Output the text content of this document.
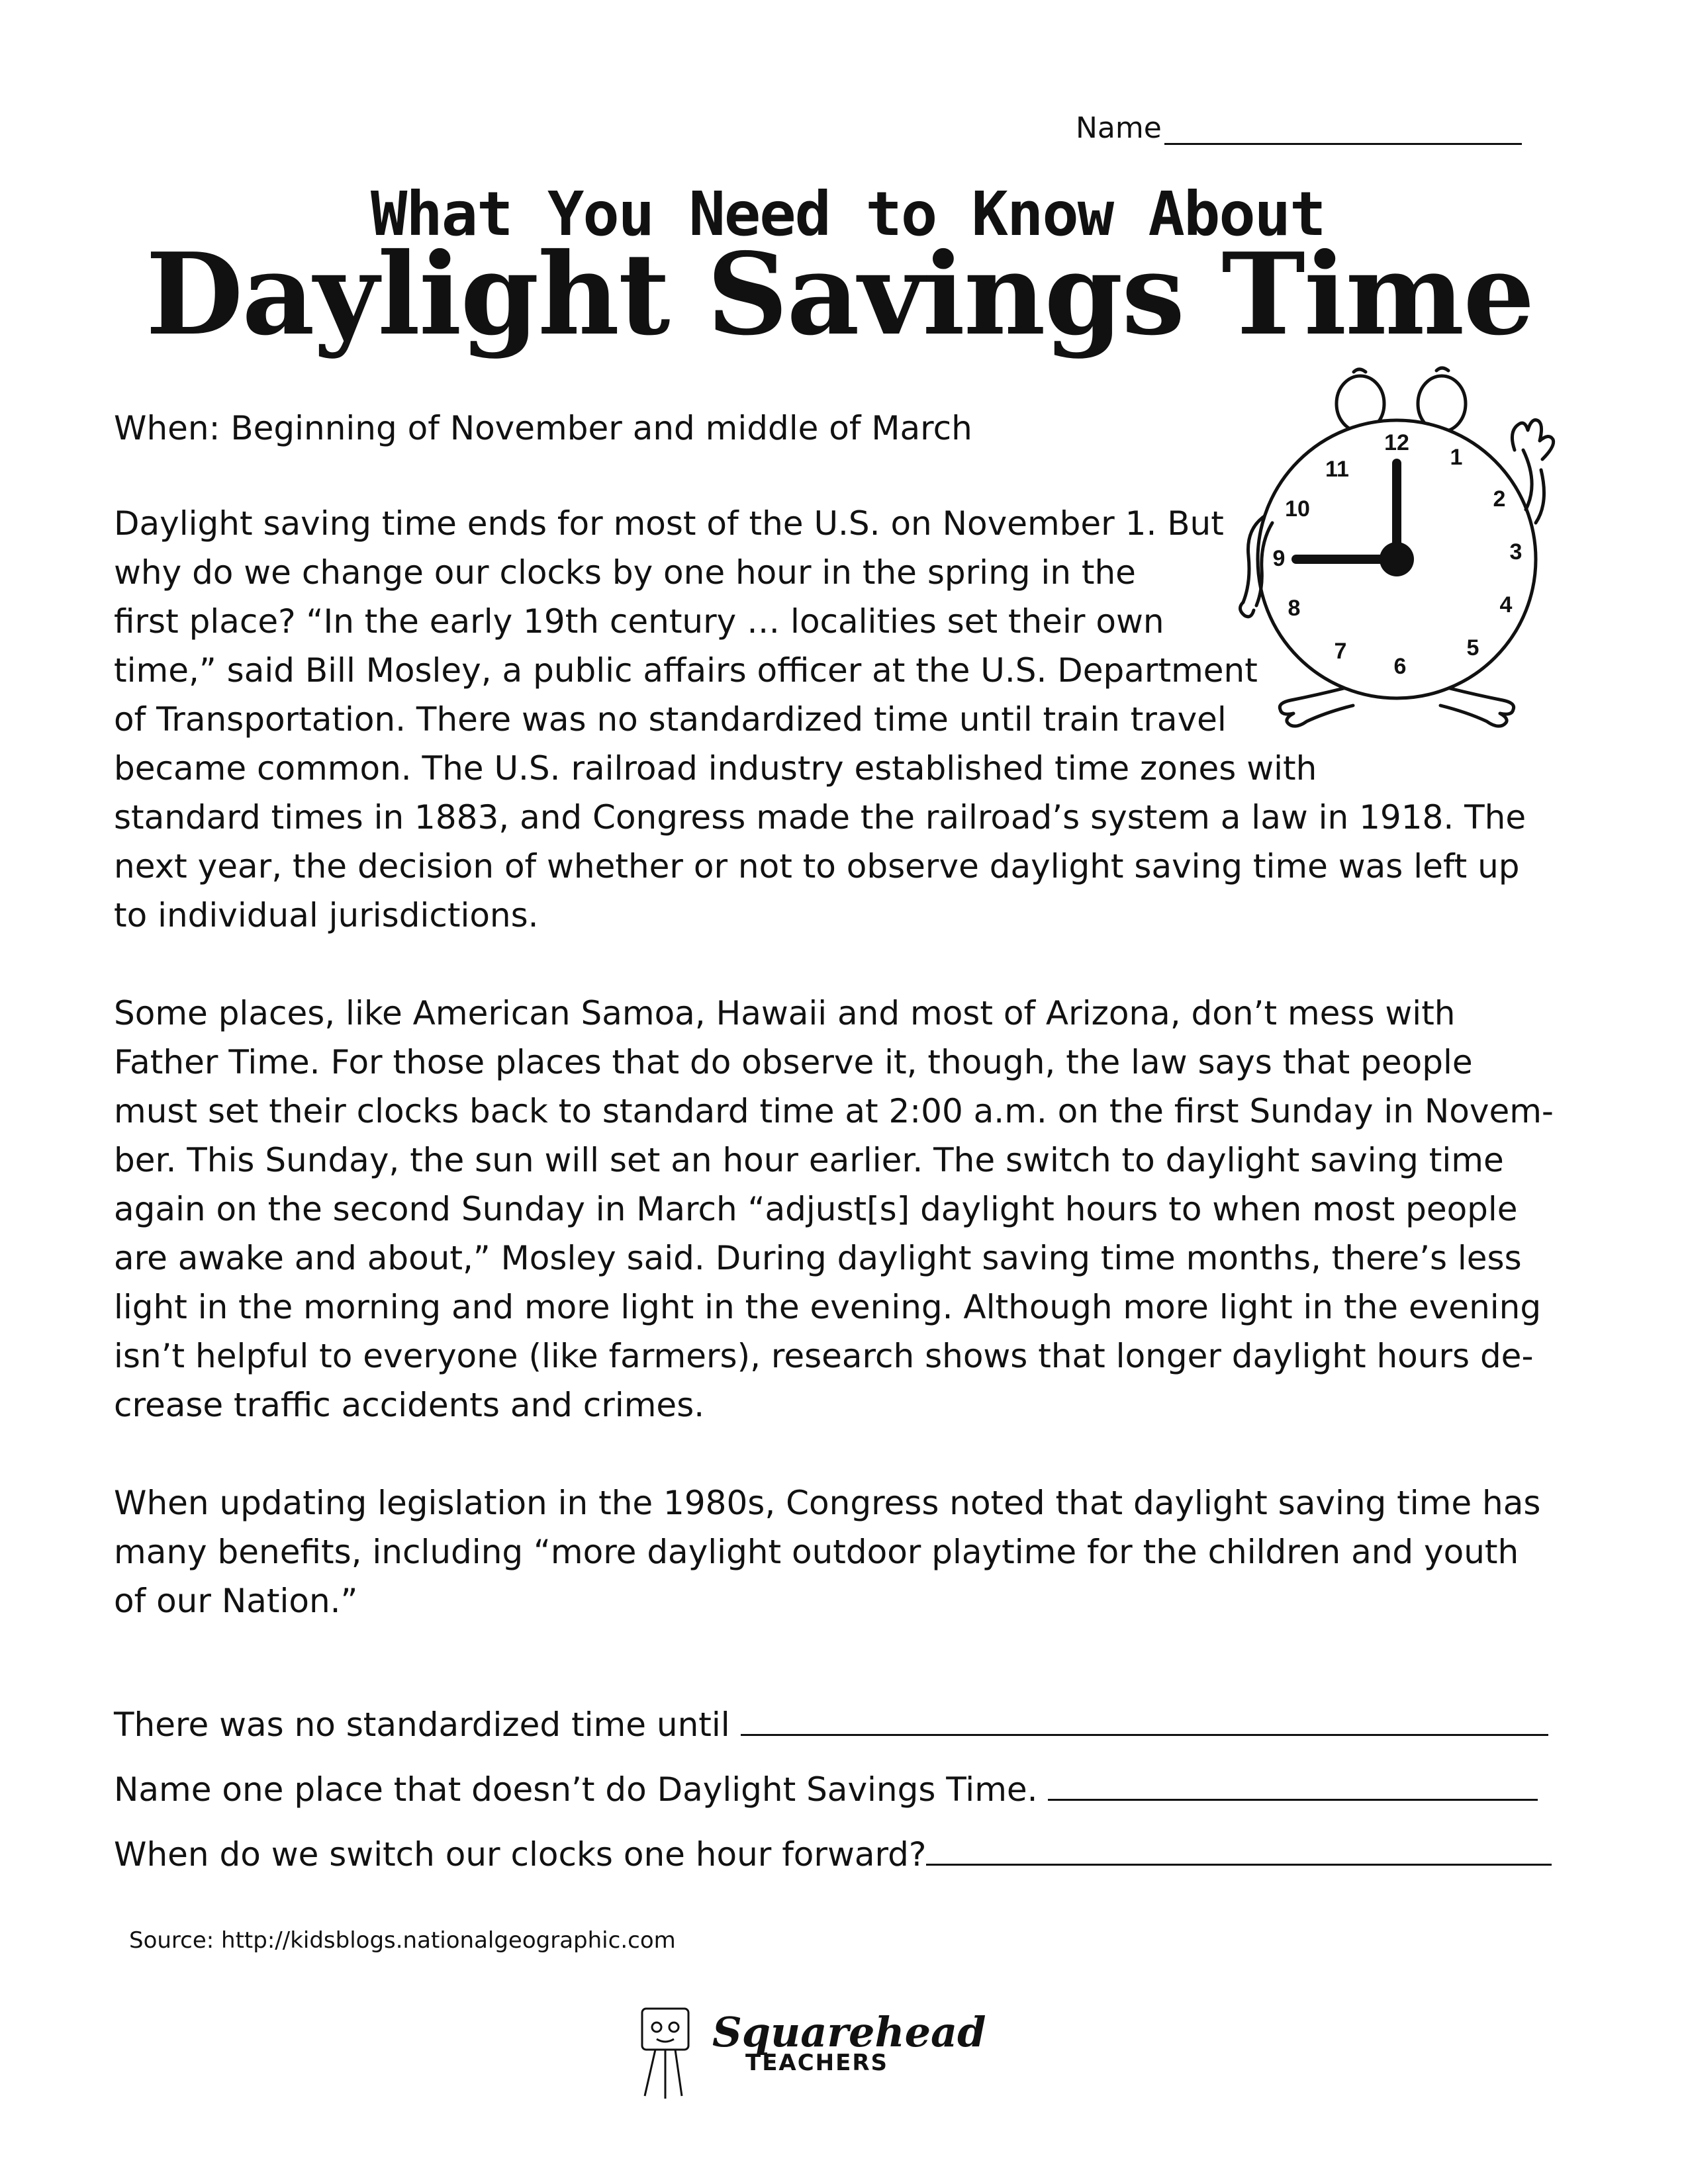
Name
What You Need to Know About
Daylight Savings Time
When: Beginning of November and middle of March	12
1
2
3
4
5
6
7
8
9
10
11
Daylight saving time ends for most of the U.S. on November 1. But
why do we change our clocks by one hour in the spring in the
first place? “In the early 19th century … localities set their own
time,” said Bill Mosley, a public affairs officer at the U.S. Department
of Transportation. There was no standardized time until train travel
became common. The U.S. railroad industry established time zones with
standard times in 1883, and Congress made the railroad’s system a law in 1918. The
next year, the decision of whether or not to observe daylight saving time was left up
to individual jurisdictions.
Some places, like American Samoa, Hawaii and most of Arizona, don’t mess with
Father Time. For those places that do observe it, though, the law says that people
must set their clocks back to standard time at 2:00 a.m. on the first Sunday in Novem-
ber. This Sunday, the sun will set an hour earlier. The switch to daylight saving time
again on the second Sunday in March “adjust[s] daylight hours to when most people
are awake and about,” Mosley said. During daylight saving time months, there’s less
light in the morning and more light in the evening. Although more light in the evening
isn’t helpful to everyone (like farmers), research shows that longer daylight hours de-
crease traffic accidents and crimes.
When updating legislation in the 1980s, Congress noted that daylight saving time has
many benefits, including “more daylight outdoor playtime for the children and youth
of our Nation.”
There was no standardized time until
Name one place that doesn’t do Daylight Savings Time.
When do we switch our clocks one hour forward?
Source: http://kidsblogs.nationalgeographic.com
Squarehead
TEACHERS
